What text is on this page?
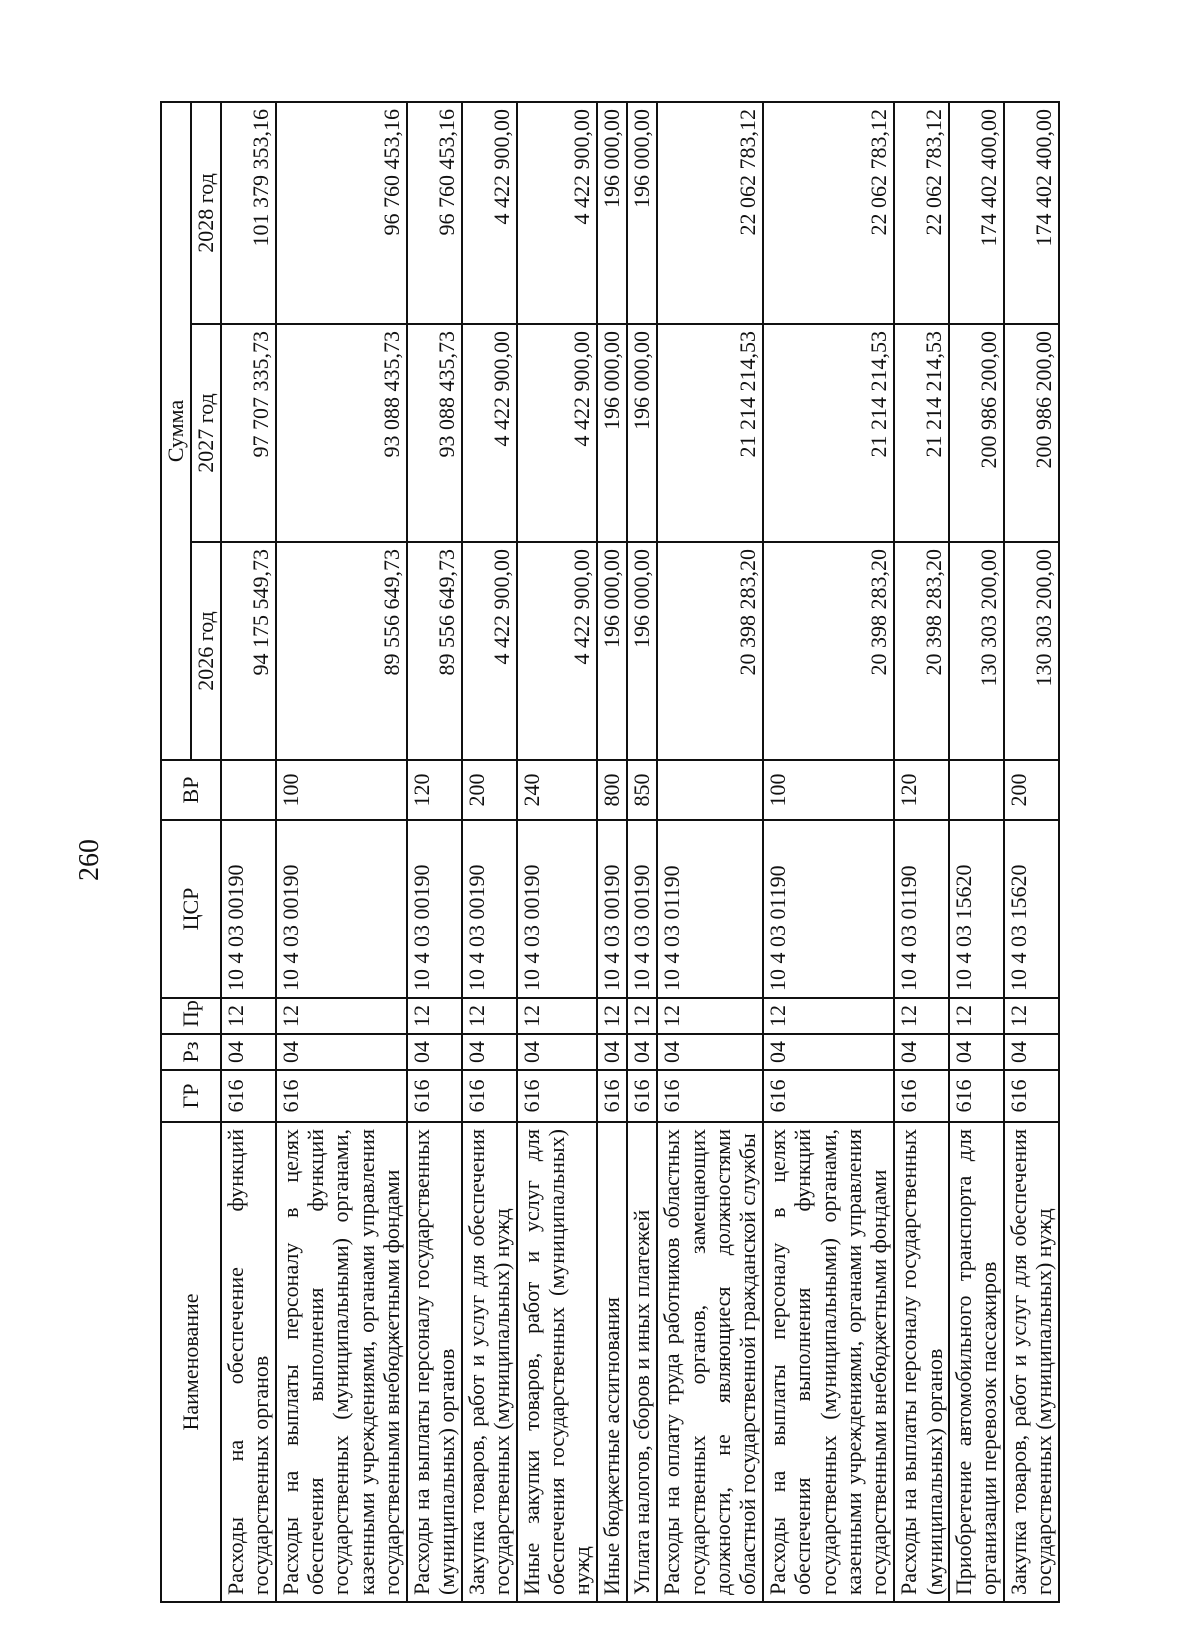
260
Наименование	ГР	Рз	Пр	ЦСР	ВР	Сумма		
						2026 год	2027 год	2028 год
Расходы на обеспечение функций государственных органов	616	04	12	10 4 03 00190		94 175 549,73	97 707 335,73	101 379 353,16
Расходы на выплаты персоналу в целях обеспечения выполнения функций государственных (муниципальными) органами, казенными учреждениями, органами управления государственными внебюджетными фондами	616	04	12	10 4 03 00190	100	89 556 649,73	93 088 435,73	96 760 453,16
Расходы на выплаты персоналу государственных (муниципальных) органов	616	04	12	10 4 03 00190	120	89 556 649,73	93 088 435,73	96 760 453,16
Закупка товаров, работ и услуг для обеспечения государственных (муниципальных) нужд	616	04	12	10 4 03 00190	200	4 422 900,00	4 422 900,00	4 422 900,00
Иные закупки товаров, работ и услуг для обеспечения государственных (муниципальных) нужд	616	04	12	10 4 03 00190	240	4 422 900,00	4 422 900,00	4 422 900,00
Иные бюджетные ассигнования	616	04	12	10 4 03 00190	800	196 000,00	196 000,00	196 000,00
Уплата налогов, сборов и иных платежей	616	04	12	10 4 03 00190	850	196 000,00	196 000,00	196 000,00
Расходы на оплату труда работников областных государственных органов, замещающих должности, не являющиеся должностями областной государственной гражданской службы	616	04	12	10 4 03 01190		20 398 283,20	21 214 214,53	22 062 783,12
Расходы на выплаты персоналу в целях обеспечения выполнения функций государственных (муниципальными) органами, казенными учреждениями, органами управления государственными внебюджетными фондами	616	04	12	10 4 03 01190	100	20 398 283,20	21 214 214,53	22 062 783,12
Расходы на выплаты персоналу государственных (муниципальных) органов	616	04	12	10 4 03 01190	120	20 398 283,20	21 214 214,53	22 062 783,12
Приобретение автомобильного транспорта для организации перевозок пассажиров	616	04	12	10 4 03 15620		130 303 200,00	200 986 200,00	174 402 400,00
Закупка товаров, работ и услуг для обеспечения государственных (муниципальных) нужд	616	04	12	10 4 03 15620	200	130 303 200,00	200 986 200,00	174 402 400,00
